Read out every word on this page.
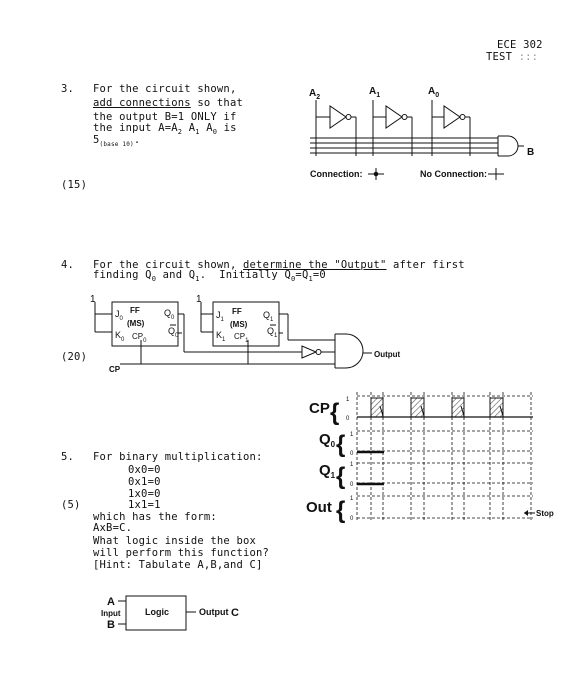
ECE 302
TEST :::
3. For the circuit shown,
add connections so that
the output B=1 ONLY if
the input $A=A_2$ $A_1$ $A_0$ is
$5_{(base 10)}$.
(15)
$A_2$
$A_1$	$A_0$
B
Connection:	No Connection:
4. For the circuit shown, determine the "Output" after first
finding $Q_0$ and $Q_1$.  Initially $Q_0=Q_1=0$
(20)
1	1
$J_0$
FF
(MS)
$K_0$ $CP_0$
$Q_0$
$Q_0$
$J_1$
FF
(MS)
$K_1$ $CP_1$
$Q_1$
$Q_1$
CP
Output
CP { 1
0
$Q_0$ { 1
0
$Q_1$ { 1
0
Out { 1
0
Stop
5. For binary multiplication:
0x0=0
0x1=0
1x0=0
1x1=1
(5)
which has the form:
AxB=C.
What logic inside the box
will perform this function?
[Hint: Tabulate A,B,and C]
A
Input
B
Logic	Output C
